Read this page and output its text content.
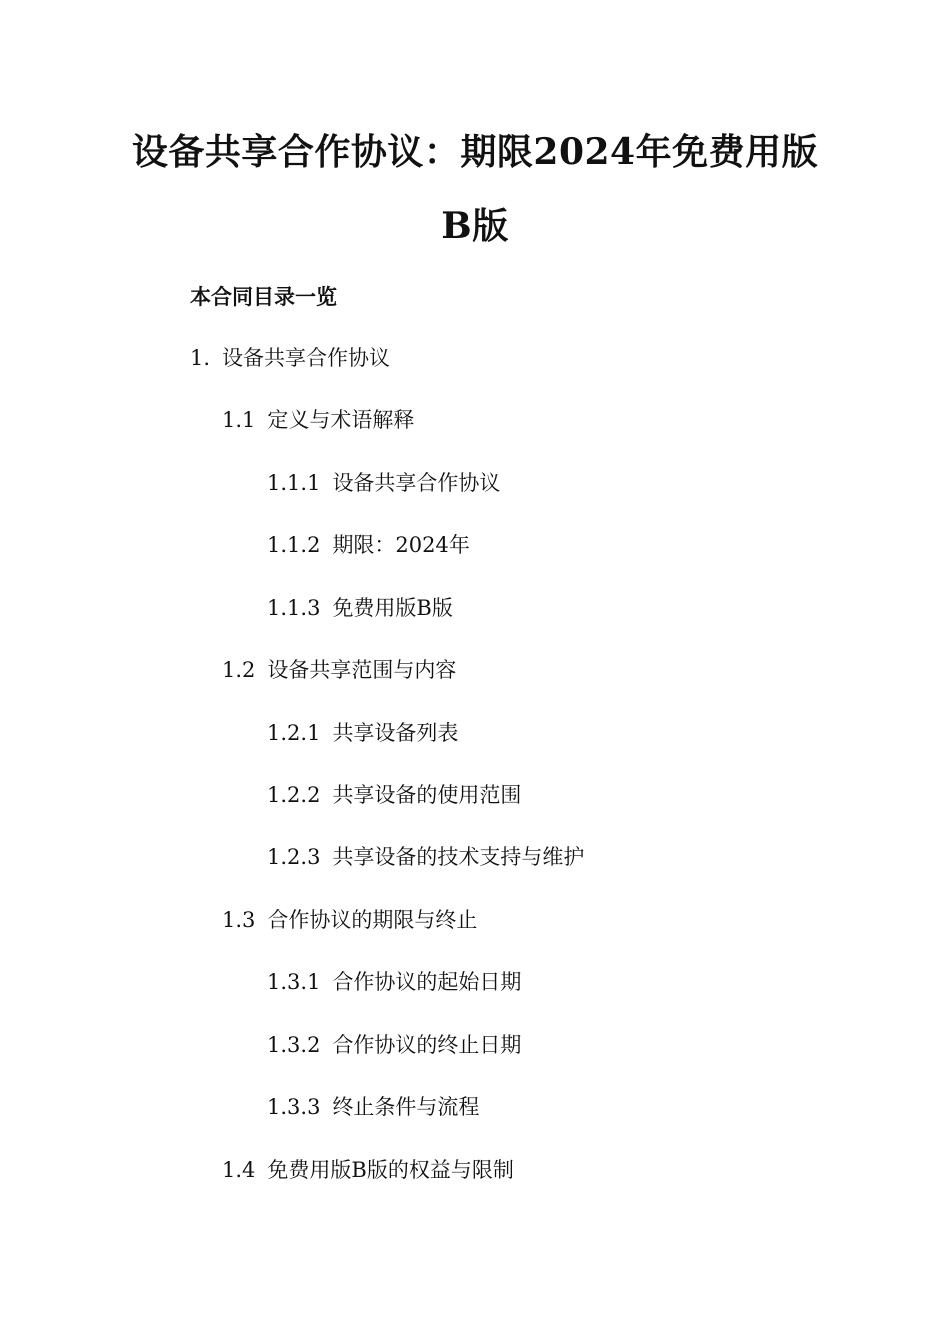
设备共享合作协议：期限2024年免费用版
B版
本合同目录一览
1. 设备共享合作协议
1.1 定义与术语解释
1.1.1 设备共享合作协议
1.1.2 期限：2024年
1.1.3 免费用版B版
1.2 设备共享范围与内容
1.2.1 共享设备列表
1.2.2 共享设备的使用范围
1.2.3 共享设备的技术支持与维护
1.3 合作协议的期限与终止
1.3.1 合作协议的起始日期
1.3.2 合作协议的终止日期
1.3.3 终止条件与流程
1.4 免费用版B版的权益与限制
